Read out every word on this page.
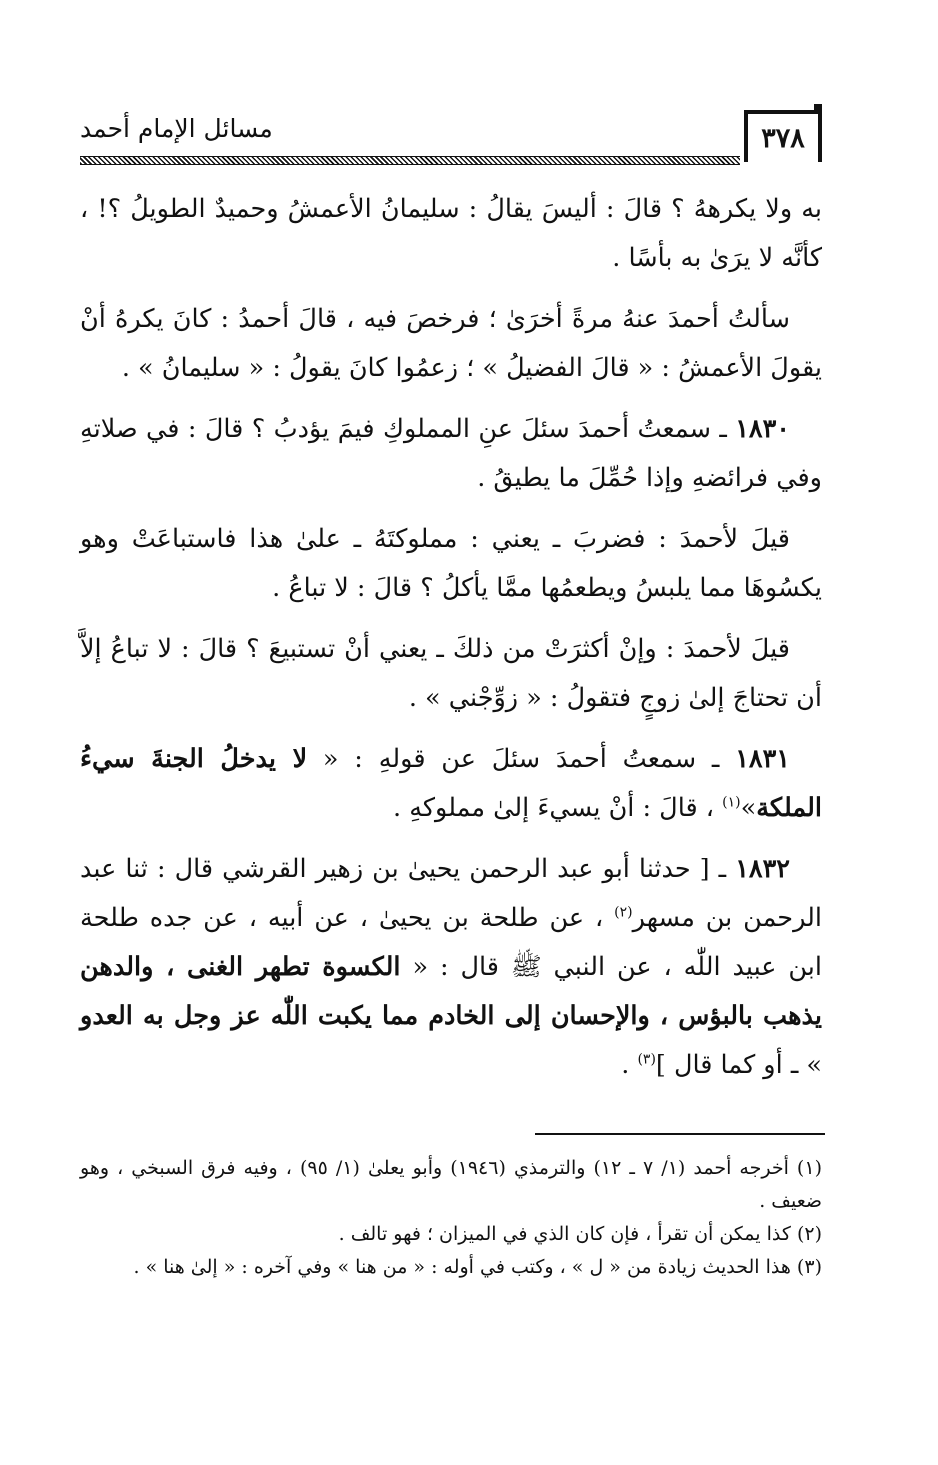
٣٧٨
مسائل الإمام أحمد

به ولا يكرههُ ؟ قالَ : أليسَ يقالُ : سليمانُ الأعمشُ وحميدٌ الطويلُ ؟! ، كأنَّه لا يرَىٰ به بأسًا .

سألتُ أحمدَ عنهُ مرةً أخرَىٰ ؛ فرخصَ فيه ، قالَ أحمدُ : كانَ يكرهُ أنْ يقولَ الأعمشُ : « قالَ الفضيلُ » ؛ زعمُوا كانَ يقولُ : « سليمانُ » .

١٨٣٠ ـ سمعتُ أحمدَ سئلَ عنِ المملوكِ فيمَ يؤدبُ ؟ قالَ : في صلاتهِ وفي فرائضهِ وإذا حُمِّلَ ما يطيقُ .

قيلَ لأحمدَ : فضربَ ـ يعني : مملوكتَهُ ـ علىٰ هذا فاستباعَتْ وهو يكسُوهَا مما يلبسُ ويطعمُها ممَّا يأكلُ ؟ قالَ : لا تباعُ .

قيلَ لأحمدَ : وإنْ أكثرَتْ من ذلكَ ـ يعني أنْ تستبيعَ ؟ قالَ : لا تباعُ إلاَّ أن تحتاجَ إلىٰ زوجٍ فتقولُ : « زوِّجْني » .

١٨٣١ ـ سمعتُ أحمدَ سئلَ عن قولهِ : « لا يدخلُ الجنةَ سيءُ الملكة»$^{(١)}$ ، قالَ : أنْ يسيءَ إلىٰ مملوكهِ .

١٨٣٢ ـ [ حدثنا أبو عبد الرحمن يحيىٰ بن زهير القرشي قال : ثنا عبد الرحمن بن مسهر$^{(٢)}$ ، عن طلحة بن يحيىٰ ، عن أبيه ، عن جده طلحة ابن عبيد اللّٰه ، عن النبي ﷺ قال : « الكسوة تطهر الغنى ، والدهن يذهب بالبؤس ، والإحسان إلى الخادم مما يكبت اللّٰه عز وجل به العدو » ـ أو كما قال ]$^{(٣)}$ .

(١) أخرجه أحمد (١/ ٧ ـ ١٢) والترمذي (١٩٤٦) وأبو يعلىٰ (١/ ٩٥) ، وفيه فرق السبخي ، وهو ضعيف .

(٢) كذا يمكن أن تقرأ ، فإن كان الذي في الميزان ؛ فهو تالف .

(٣) هذا الحديث زيادة من « ل » ، وكتب في أوله : « من هنا » وفي آخره : « إلىٰ هنا » .
